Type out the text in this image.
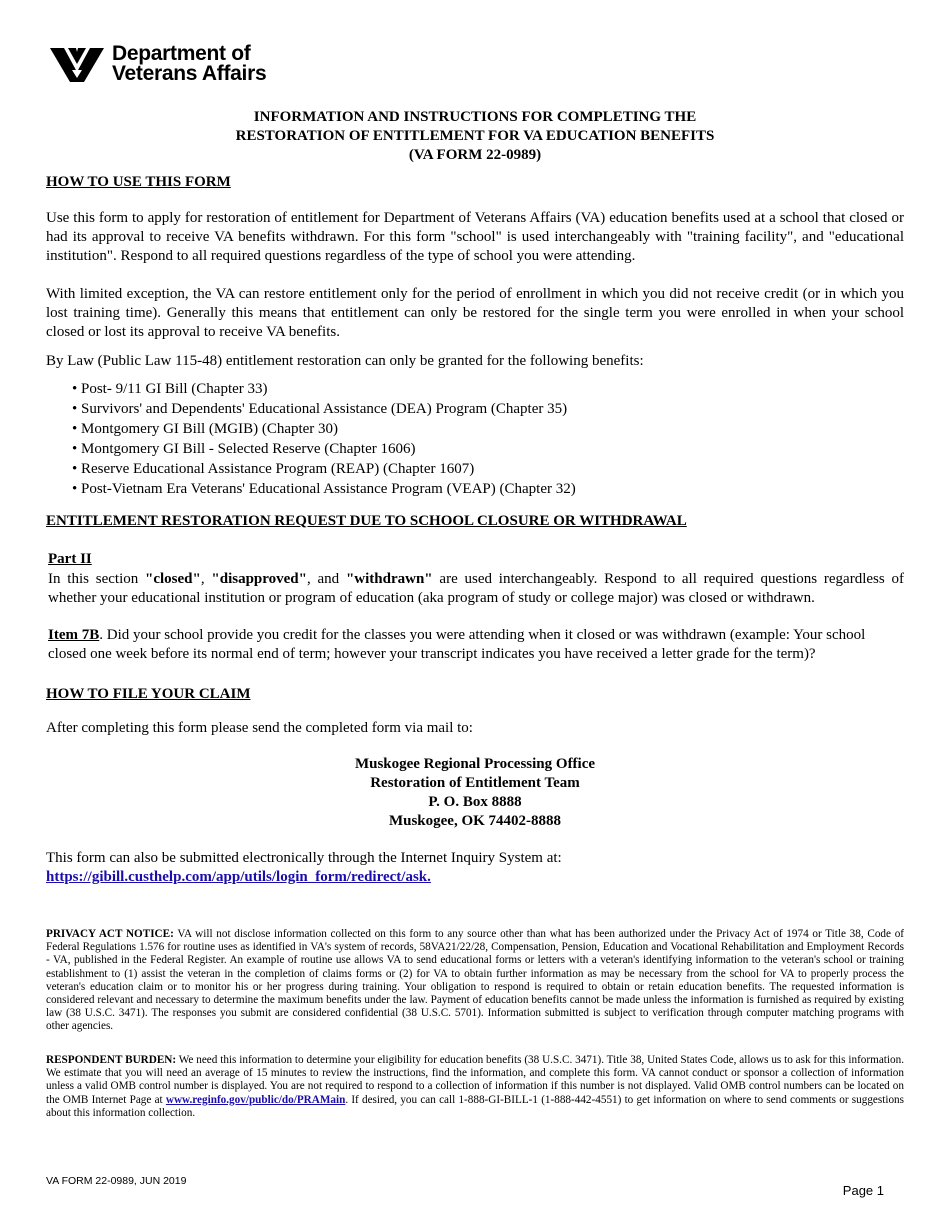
Department of
Veterans Affairs
INFORMATION AND INSTRUCTIONS FOR COMPLETING THE
RESTORATION OF ENTITLEMENT FOR VA EDUCATION BENEFITS
(VA FORM 22-0989)
HOW TO USE THIS FORM

Use this form to apply for restoration of entitlement for Department of Veterans Affairs (VA) education benefits used at a school that closed or had its approval to receive VA benefits withdrawn. For this form "school" is used interchangeably with "training facility", and "educational institution". Respond to all required questions regardless of the type of school you were attending.

With limited exception, the VA can restore entitlement only for the period of enrollment in which you did not receive credit (or in which you lost training time). Generally this means that entitlement can only be restored for the single term you were enrolled in when your school closed or lost its approval to receive VA benefits.

By Law (Public Law 115-48) entitlement restoration can only be granted for the following benefits:

• Post- 9/11 GI Bill (Chapter 33)
• Survivors' and Dependents' Educational Assistance (DEA) Program (Chapter 35)
• Montgomery GI Bill (MGIB) (Chapter 30)
• Montgomery GI Bill - Selected Reserve (Chapter 1606)
• Reserve Educational Assistance Program (REAP) (Chapter 1607)
• Post-Vietnam Era Veterans' Educational Assistance Program (VEAP) (Chapter 32)
ENTITLEMENT RESTORATION REQUEST DUE TO SCHOOL CLOSURE OR WITHDRAWAL
Part II

In this section "closed", "disapproved", and "withdrawn" are used interchangeably. Respond to all required questions regardless of whether your educational institution or program of education (aka program of study or college major) was closed or withdrawn.

Item 7B. Did your school provide you credit for the classes you were attending when it closed or was withdrawn (example: Your school closed one week before its normal end of term; however your transcript indicates you have received a letter grade for the term)?

HOW TO FILE YOUR CLAIM

After completing this form please send the completed form via mail to:

Muskogee Regional Processing Office
Restoration of Entitlement Team
P. O. Box 8888
Muskogee, OK 74402-8888

This form can also be submitted electronically through the Internet Inquiry System at:

https://gibill.custhelp.com/app/utils/login_form/redirect/ask.

PRIVACY ACT NOTICE: VA will not disclose information collected on this form to any source other than what has been authorized under the Privacy Act of 1974 or Title 38, Code of Federal Regulations 1.576 for routine uses as identified in VA's system of records, 58VA21/22/28, Compensation, Pension, Education and Vocational Rehabilitation and Employment Records - VA, published in the Federal Register. An example of routine use allows VA to send educational forms or letters with a veteran's identifying information to the veteran's school or training establishment to (1) assist the veteran in the completion of claims forms or (2) for VA to obtain further information as may be necessary from the school for VA to properly process the veteran's education claim or to monitor his or her progress during training. Your obligation to respond is required to obtain or retain education benefits. The requested information is considered relevant and necessary to determine the maximum benefits under the law. Payment of education benefits cannot be made unless the information is furnished as required by existing law (38 U.S.C. 3471). The responses you submit are considered confidential (38 U.S.C. 5701). Information submitted is subject to verification through computer matching programs with other agencies.

RESPONDENT BURDEN: We need this information to determine your eligibility for education benefits (38 U.S.C. 3471). Title 38, United States Code, allows us to ask for this information. We estimate that you will need an average of 15 minutes to review the instructions, find the information, and complete this form. VA cannot conduct or sponsor a collection of information unless a valid OMB control number is displayed. You are not required to respond to a collection of information if this number is not displayed. Valid OMB control numbers can be located on the OMB Internet Page at www.reginfo.gov/public/do/PRAMain. If desired, you can call 1-888-GI-BILL-1 (1-888-442-4551) to get information on where to send comments or suggestions about this information collection.

VA FORM 22-0989, JUN 2019
Page 1
